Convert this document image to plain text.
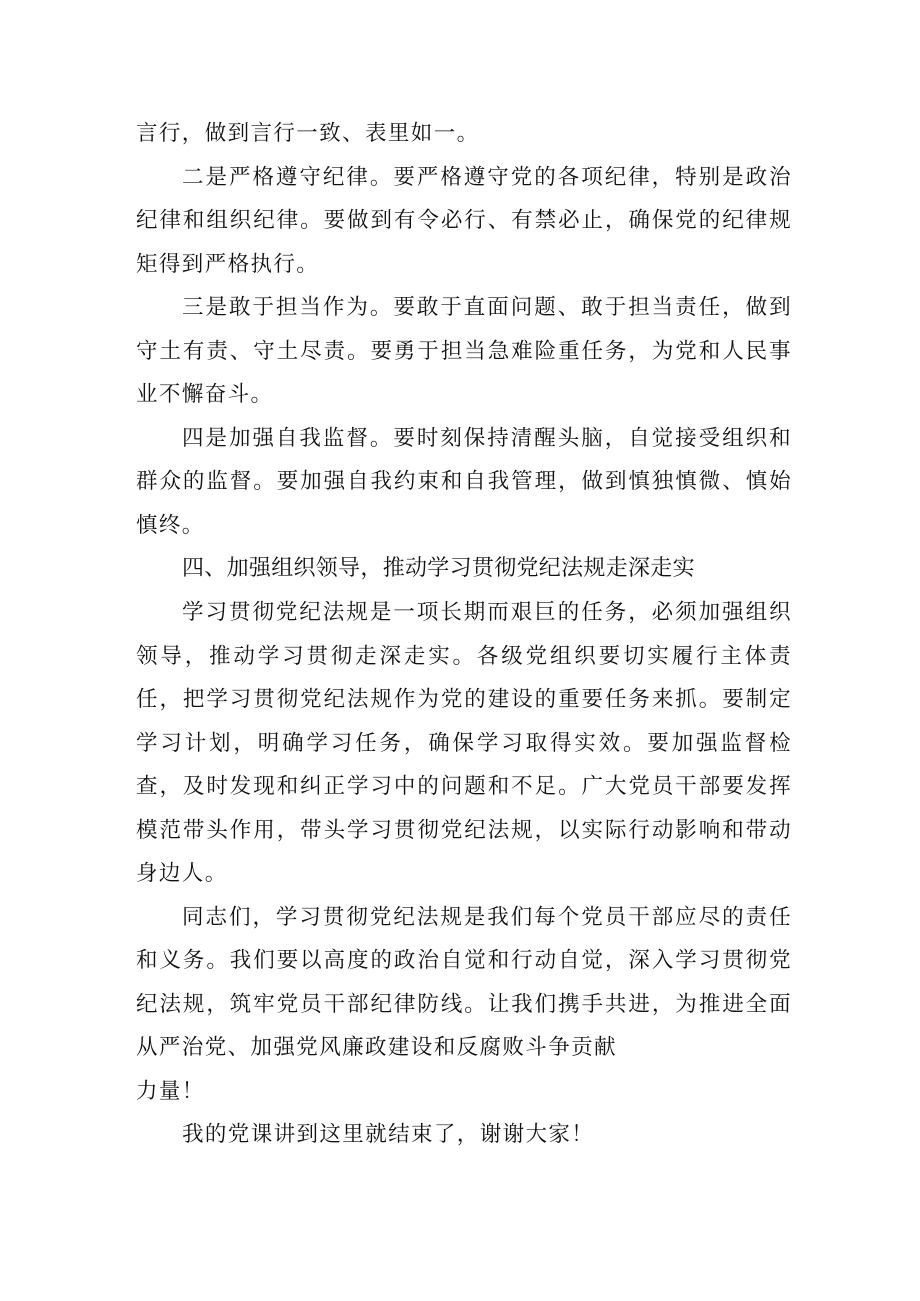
言行，做到言行一致、表里如一。

二是严格遵守纪律。要严格遵守党的各项纪律，特别是政治纪律和组织纪律。要做到有令必行、有禁必止，确保党的纪律规矩得到严格执行。

三是敢于担当作为。要敢于直面问题、敢于担当责任，做到守土有责、守土尽责。要勇于担当急难险重任务，为党和人民事业不懈奋斗。

四是加强自我监督。要时刻保持清醒头脑，自觉接受组织和群众的监督。要加强自我约束和自我管理，做到慎独慎微、慎始慎终。

四、加强组织领导，推动学习贯彻党纪法规走深走实

学习贯彻党纪法规是一项长期而艰巨的任务，必须加强组织领导，推动学习贯彻走深走实。各级党组织要切实履行主体责任，把学习贯彻党纪法规作为党的建设的重要任务来抓。要制定学习计划，明确学习任务，确保学习取得实效。要加强监督检查，及时发现和纠正学习中的问题和不足。广大党员干部要发挥模范带头作用，带头学习贯彻党纪法规，以实际行动影响和带动身边人。

同志们，学习贯彻党纪法规是我们每个党员干部应尽的责任和义务。我们要以高度的政治自觉和行动自觉，深入学习贯彻党纪法规，筑牢党员干部纪律防线。让我们携手共进，为推进全面从严治党、加强党风廉政建设和反腐败斗争贡献

力量！

我的党课讲到这里就结束了，谢谢大家！
